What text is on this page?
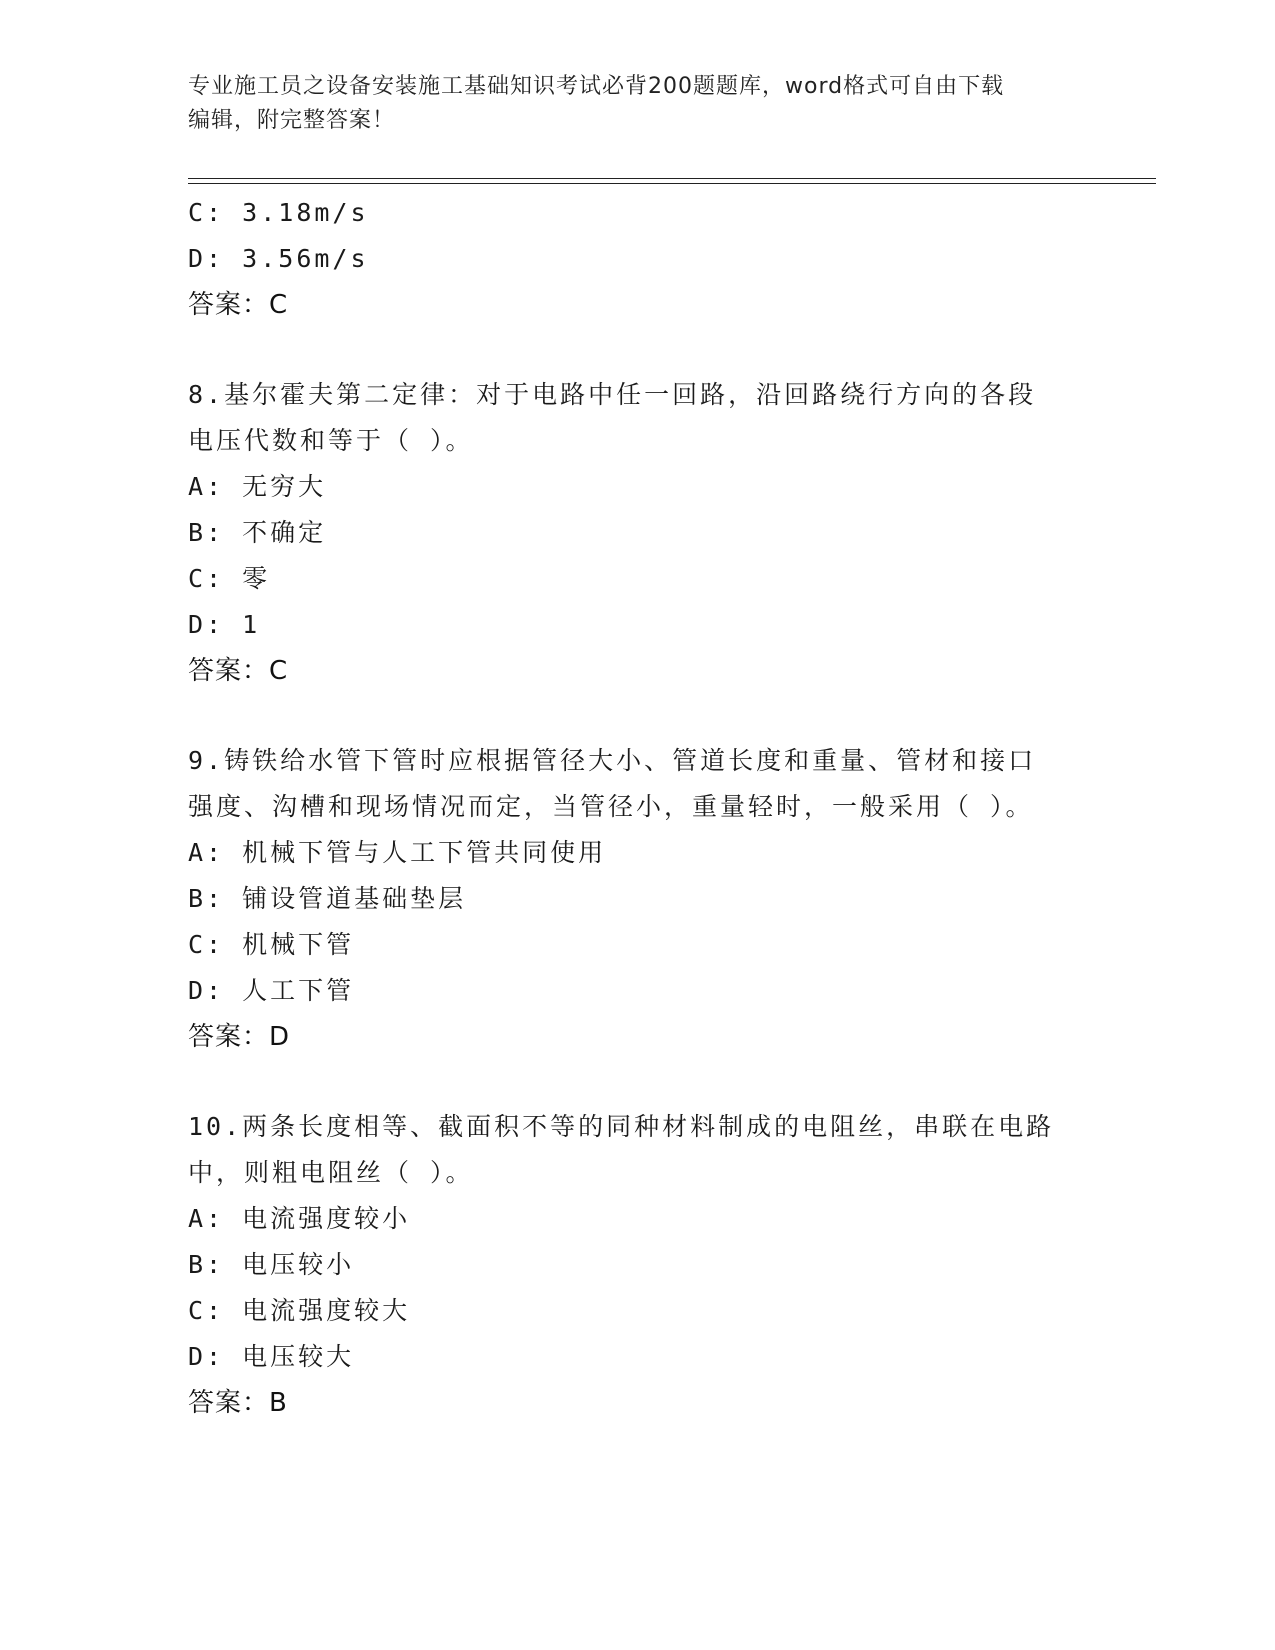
专业施工员之设备安装施工基础知识考试必背200题题库，word格式可自由下载
编辑，附完整答案！
C: 3.18m/s
D: 3.56m/s
答案：C
8.基尔霍夫第二定律：对于电路中任一回路，沿回路绕行方向的各段
电压代数和等于（ ）。
A: 无穷大
B: 不确定
C: 零
D: 1
答案：C
9.铸铁给水管下管时应根据管径大小、管道长度和重量、管材和接口
强度、沟槽和现场情况而定，当管径小，重量轻时，一般采用（ ）。
A: 机械下管与人工下管共同使用
B: 铺设管道基础垫层
C: 机械下管
D: 人工下管
答案：D
10.两条长度相等、截面积不等的同种材料制成的电阻丝，串联在电路
中，则粗电阻丝（ ）。
A: 电流强度较小
B: 电压较小
C: 电流强度较大
D: 电压较大
答案：B
